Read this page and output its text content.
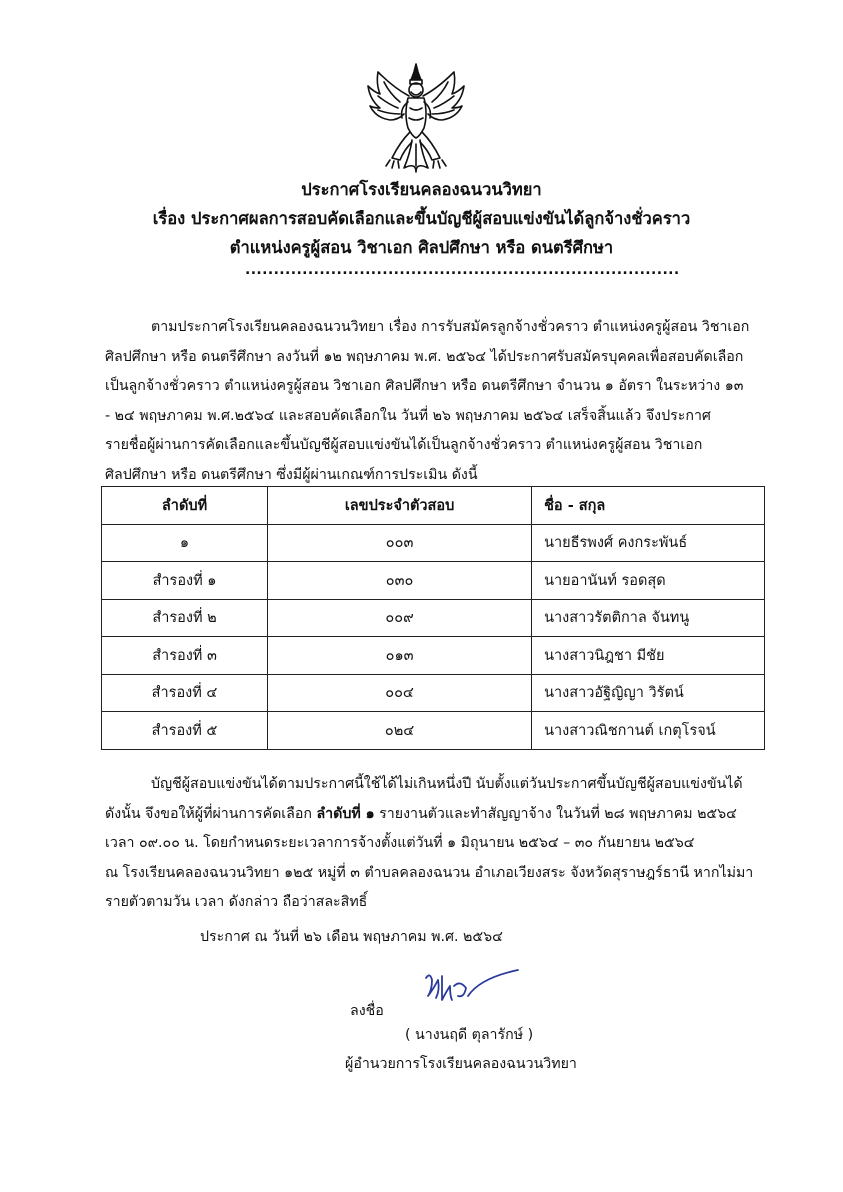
ประกาศโรงเรียนคลองฉนวนวิทยา
เรื่อง ประกาศผลการสอบคัดเลือกและขึ้นบัญชีผู้สอบแข่งขันได้ลูกจ้างชั่วคราว
ตำแหน่งครูผู้สอน วิชาเอก ศิลปศึกษา หรือ ดนตรีศึกษา
............................................................................
ตามประกาศโรงเรียนคลองฉนวนวิทยา เรื่อง การรับสมัครลูกจ้างชั่วคราว ตำแหน่งครูผู้สอน วิชาเอก
ศิลปศึกษา หรือ ดนตรีศึกษา ลงวันที่ ๑๒ พฤษภาคม พ.ศ. ๒๕๖๔ ได้ประกาศรับสมัครบุคคลเพื่อสอบคัดเลือก
เป็นลูกจ้างชั่วคราว ตำแหน่งครูผู้สอน วิชาเอก ศิลปศึกษา หรือ ดนตรีศึกษา จำนวน ๑ อัตรา ในระหว่าง ๑๓
- ๒๔ พฤษภาคม พ.ศ.๒๕๖๔ และสอบคัดเลือกใน วันที่ ๒๖ พฤษภาคม ๒๕๖๔ เสร็จสิ้นแล้ว จึงประกาศ
รายชื่อผู้ผ่านการคัดเลือกและขึ้นบัญชีผู้สอบแข่งขันได้เป็นลูกจ้างชั่วคราว ตำแหน่งครูผู้สอน วิชาเอก
ศิลปศึกษา หรือ ดนตรีศึกษา ซึ่งมีผู้ผ่านเกณฑ์การประเมิน ดังนี้
ลำดับที่	เลขประจำตัวสอบ	ชื่อ - สกุล
๑	๐๐๓	นายธีรพงศ์ คงกระพันธ์
สำรองที่ ๑	๐๓๐	นายอานันท์ รอดสุด
สำรองที่ ๒	๐๐๙	นางสาวรัตติกาล จันทนู
สำรองที่ ๓	๐๑๓	นางสาวนิฎชา มีชัย
สำรองที่ ๔	๐๐๔	นางสาวอัฐิญิญา วิรัตน์
สำรองที่ ๕	๐๒๔	นางสาวณิชกานต์ เกตุโรจน์
บัญชีผู้สอบแข่งขันได้ตามประกาศนี้ใช้ได้ไม่เกินหนึ่งปี นับตั้งแต่วันประกาศขึ้นบัญชีผู้สอบแข่งขันได้
ดังนั้น จึงขอให้ผู้ที่ผ่านการคัดเลือก ลำดับที่ ๑ รายงานตัวและทำสัญญาจ้าง ในวันที่ ๒๘ พฤษภาคม ๒๕๖๔
เวลา ๐๙.๐๐ น. โดยกำหนดระยะเวลาการจ้างตั้งแต่วันที่ ๑ มิถุนายน ๒๕๖๔ – ๓๐ กันยายน ๒๕๖๔
ณ โรงเรียนคลองฉนวนวิทยา ๑๒๕ หมู่ที่ ๓ ตำบลคลองฉนวน อำเภอเวียงสระ จังหวัดสุราษฎร์ธานี หากไม่มา
รายตัวตามวัน เวลา ดังกล่าว ถือว่าสละสิทธิ์
ประกาศ ณ วันที่ ๒๖ เดือน พฤษภาคม พ.ศ. ๒๕๖๔
ลงชื่อ
( นางนฤดี ตุลารักษ์ )
ผู้อำนวยการโรงเรียนคลองฉนวนวิทยา
